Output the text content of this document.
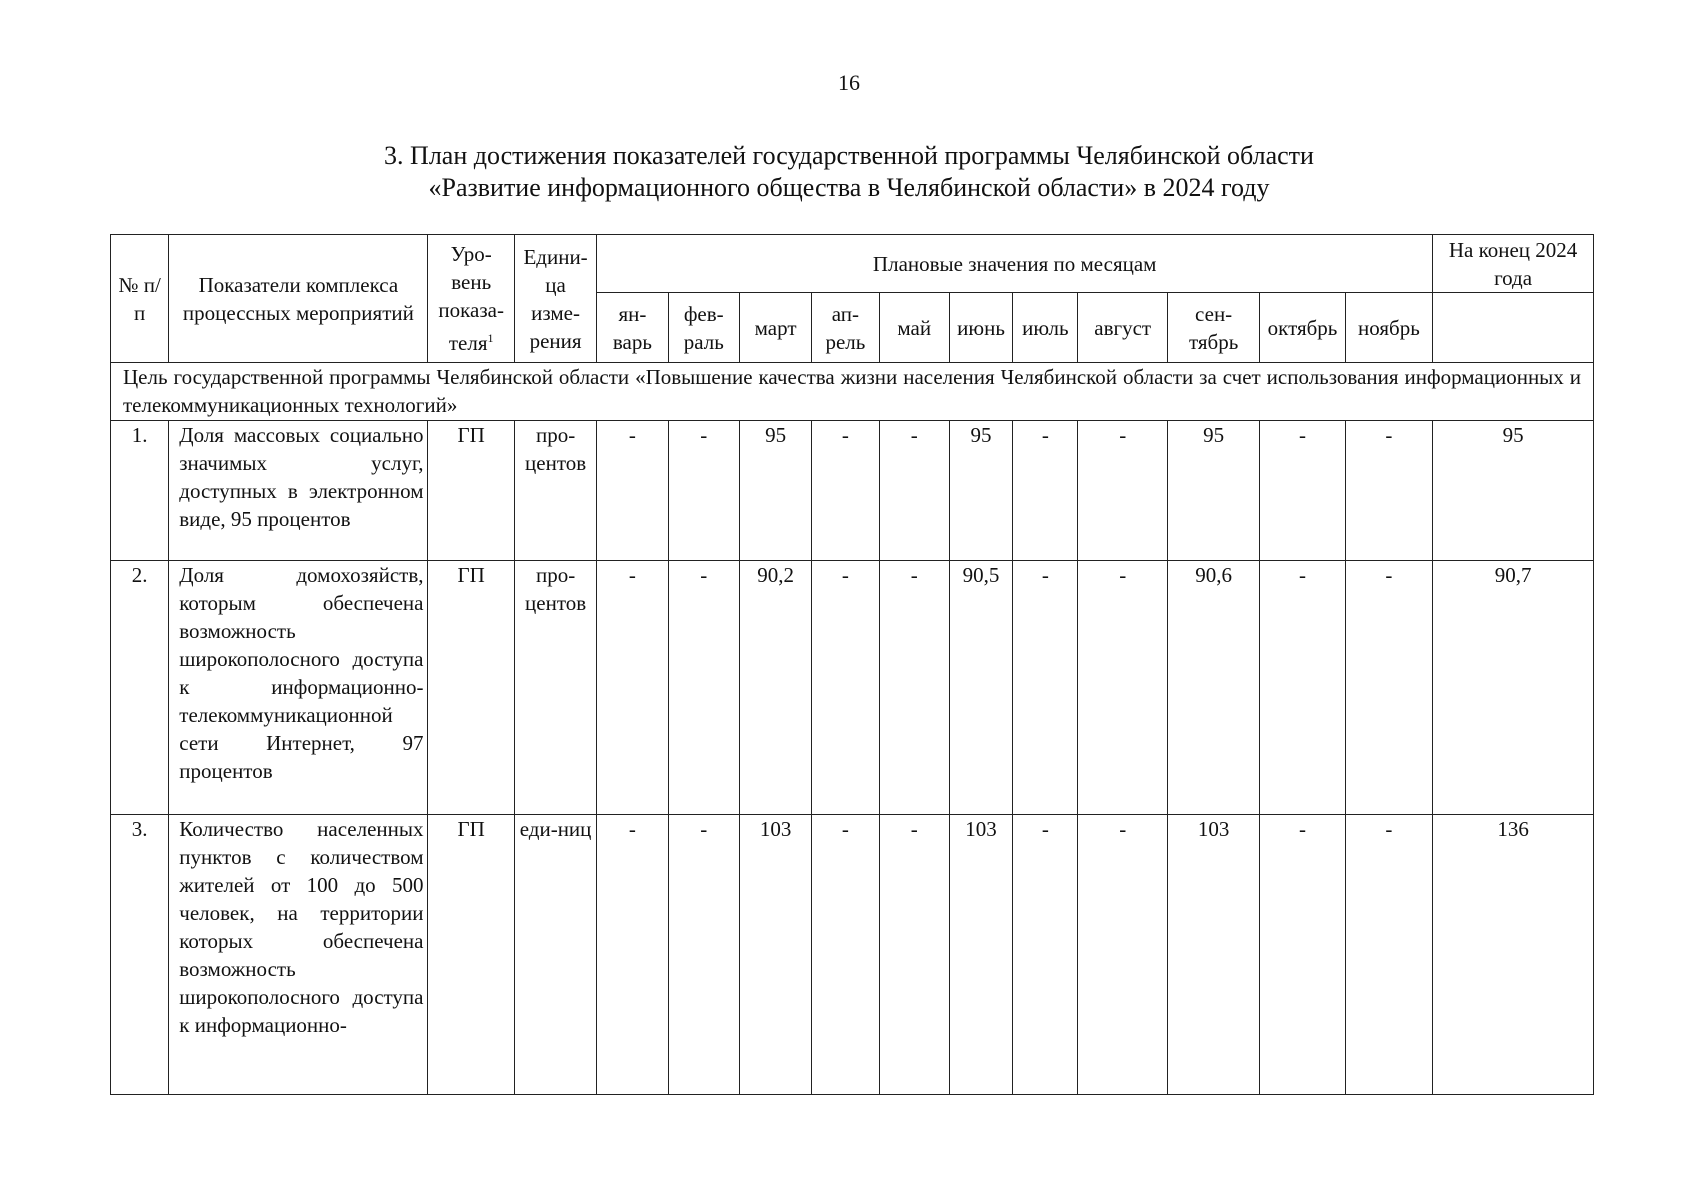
16
3. План достижения показателей государственной программы Челябинской области
«Развитие информационного общества в Челябинской области» в 2024 году
№ п/п	Показатели комплекса процессных мероприятий	Уро-вень показа-теля$^1$	Едини-ца изме-рения	Плановые значения по месяцам											На конец 2024 года
				ян-варь	фев-раль	март	ап-рель	май	июнь	июль	август	сен-тябрь	октябрь	ноябрь	
Цель государственной программы Челябинской области «Повышение качества жизни населения Челябинской области за счет использования информационных и телекоммуникационных технологий»															
1.	Доля массовых социально значимых услуг, доступных в электронном виде, 95 процентов	ГП	про-центов	-	-	95	-	-	95	-	-	95	-	-	95
2.	Доля домохозяйств, которым обеспечена возможность широкополосного доступа к информационно-телекоммуникационной сети Интернет, 97 процентов	ГП	про-центов	-	-	90,2	-	-	90,5	-	-	90,6	-	-	90,7
3.	Количество населенных пунктов с количеством жителей от 100 до 500 человек, на территории которых обеспечена возможность широкополосного доступа к информационно-	ГП	еди-ниц	-	-	103	-	-	103	-	-	103	-	-	136
